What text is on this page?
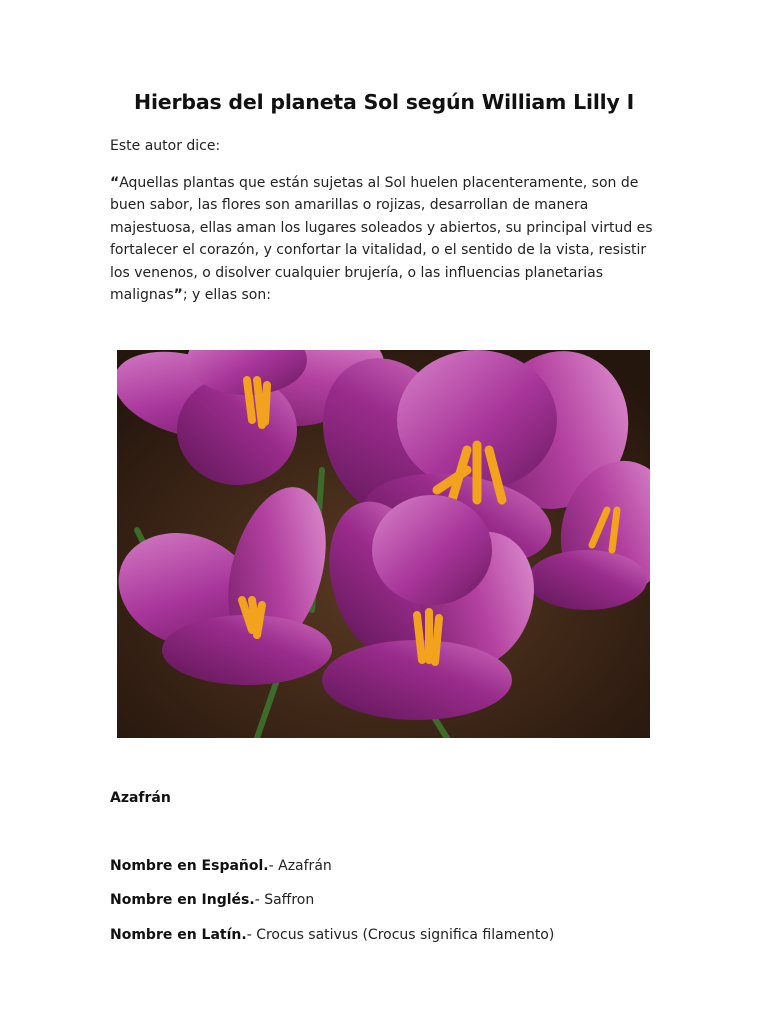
Hierbas del planeta Sol según William Lilly I
Este autor dice:
“Aquellas plantas que están sujetas al Sol huelen placenteramente, son de buen sabor, las flores son amarillas o rojizas, desarrollan de manera majestuosa, ellas aman los lugares soleados y abiertos, su principal virtud es fortalecer el corazón, y confortar la vitalidad, o el sentido de la vista, resistir los venenos, o disolver cualquier brujería, o las influencias planetarias malignas”; y ellas son:
Azafrán
Nombre en Español.- Azafrán
Nombre en Inglés.- Saffron
Nombre en Latín.- Crocus sativus (Crocus significa filamento)
